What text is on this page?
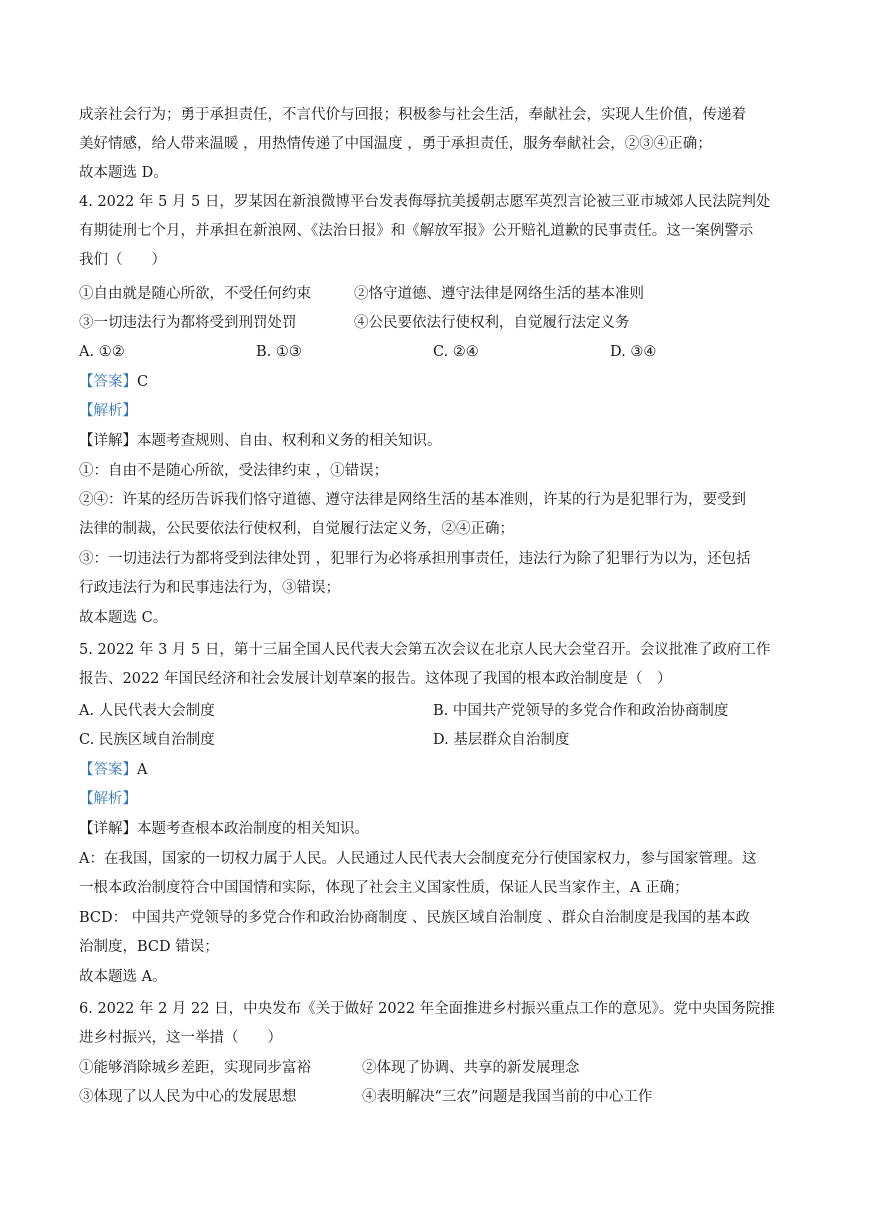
成亲社会行为；勇于承担责任，不言代价与回报；积极参与社会生活，奉献社会，实现人生价值，传递着
美好情感，给人带来温暖 ，用热情传递了中国温度 ，勇于承担责任，服务奉献社会，②③④正确；
故本题选 D。
4. 2022 年 5 月 5 日，罗某因在新浪微博平台发表侮辱抗美援朝志愿军英烈言论被三亚市城郊人民法院判处
有期徒刑七个月，并承担在新浪网、《法治日报》和《解放军报》公开赔礼道歉的民事责任。这一案例警示
我们（　　）
①自由就是随心所欲，不受任何约束	②恪守道德、遵守法律是网络生活的基本准则
③一切违法行为都将受到刑罚处罚	④公民要依法行使权利，自觉履行法定义务
A. ①②	B. ①③	C. ②④	D. ③④
【答案】C
【解析】
【详解】本题考查规则、自由、权利和义务的相关知识。
①：自由不是随心所欲，受法律约束 ，①错误；
②④：许某的经历告诉我们恪守道德、遵守法律是网络生活的基本准则，许某的行为是犯罪行为，要受到
法律的制裁，公民要依法行使权利，自觉履行法定义务，②④正确；
③：一切违法行为都将受到法律处罚 ，犯罪行为必将承担刑事责任，违法行为除了犯罪行为以为，还包括
行政违法行为和民事违法行为，③错误；
故本题选 C。
5. 2022 年 3 月 5 日，第十三届全国人民代表大会第五次会议在北京人民大会堂召开。会议批准了政府工作
报告、2022 年国民经济和社会发展计划草案的报告。这体现了我国的根本政治制度是（　）
A. 人民代表大会制度	B. 中国共产党领导的多党合作和政治协商制度
C. 民族区域自治制度	D. 基层群众自治制度
【答案】A
【解析】
【详解】本题考查根本政治制度的相关知识。
A：在我国，国家的一切权力属于人民。人民通过人民代表大会制度充分行使国家权力，参与国家管理。这
一根本政治制度符合中国国情和实际，体现了社会主义国家性质，保证人民当家作主，A 正确；
BCD： 中国共产党领导的多党合作和政治协商制度 、民族区域自治制度 、群众自治制度是我国的基本政
治制度，BCD 错误；
故本题选 A。
6. 2022 年 2 月 22 日，中央发布《关于做好 2022 年全面推进乡村振兴重点工作的意见》。党中央国务院推
进乡村振兴，这一举措（　　）
①能够消除城乡差距，实现同步富裕	②体现了协调、共享的新发展理念
③体现了以人民为中心的发展思想	④表明解决“三农”问题是我国当前的中心工作
